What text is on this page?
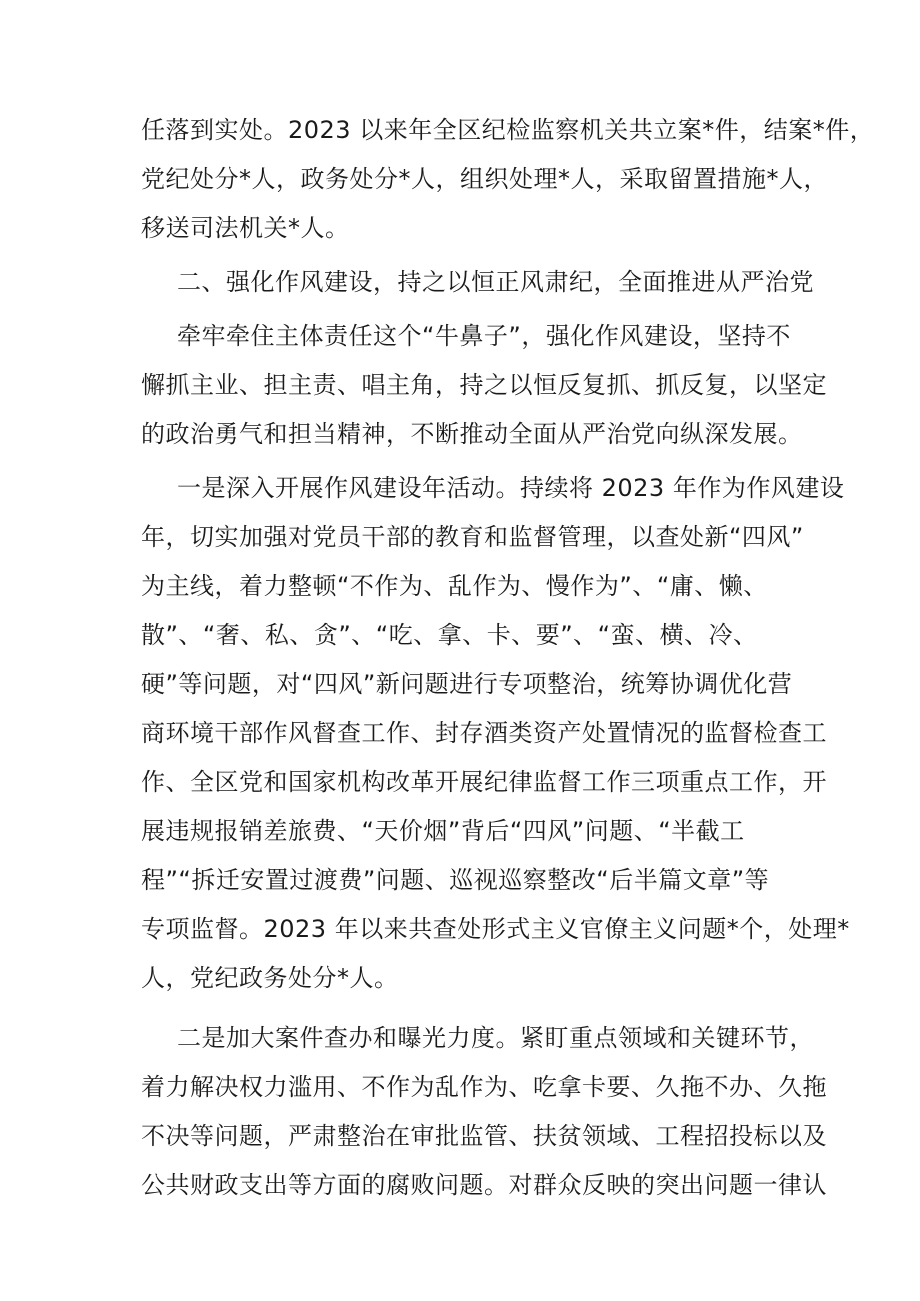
任落到实处。2023 以来年全区纪检监察机关共立案*件，结案*件，
党纪处分*人，政务处分*人，组织处理*人，采取留置措施*人，
移送司法机关*人。
二、强化作风建设，持之以恒正风肃纪，全面推进从严治党
牵牢牵住主体责任这个“牛鼻子”，强化作风建设，坚持不
懈抓主业、担主责、唱主角，持之以恒反复抓、抓反复，以坚定
的政治勇气和担当精神，不断推动全面从严治党向纵深发展。
一是深入开展作风建设年活动。持续将 2023 年作为作风建设
年，切实加强对党员干部的教育和监督管理，以查处新“四风”
为主线，着力整顿“不作为、乱作为、慢作为”、“庸、懒、
散”、“奢、私、贪”、“吃、拿、卡、要”、“蛮、横、冷、
硬”等问题，对“四风”新问题进行专项整治，统筹协调优化营
商环境干部作风督查工作、封存酒类资产处置情况的监督检查工
作、全区党和国家机构改革开展纪律监督工作三项重点工作，开
展违规报销差旅费、“天价烟”背后“四风”问题、“半截工
程”“拆迁安置过渡费”问题、巡视巡察整改“后半篇文章”等
专项监督。2023 年以来共查处形式主义官僚主义问题*个，处理*
人，党纪政务处分*人。
二是加大案件查办和曝光力度。紧盯重点领域和关键环节，
着力解决权力滥用、不作为乱作为、吃拿卡要、久拖不办、久拖
不决等问题，严肃整治在审批监管、扶贫领域、工程招投标以及
公共财政支出等方面的腐败问题。对群众反映的突出问题一律认
